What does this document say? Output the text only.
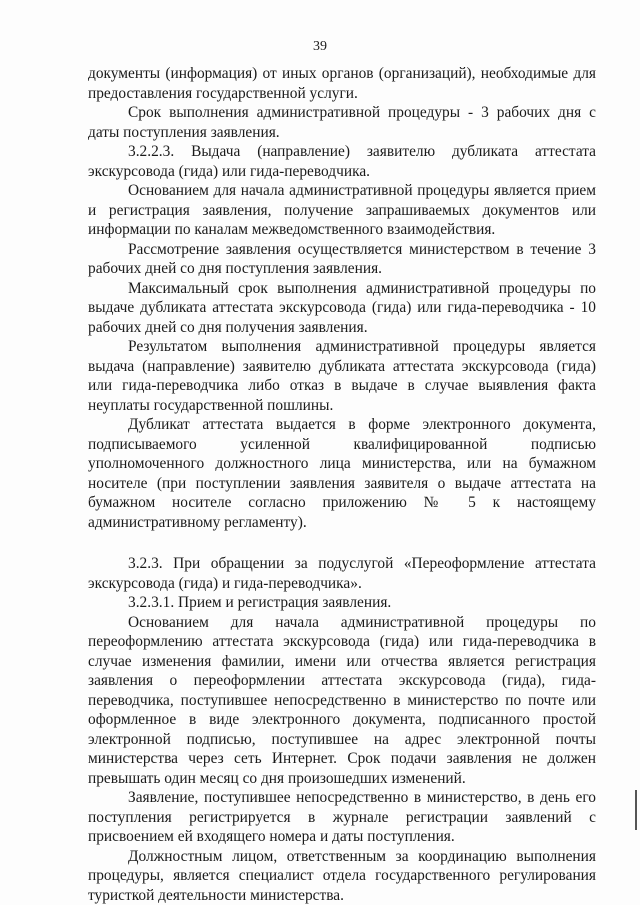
39

документы (информация) от иных органов (организаций), необходимые для предоставления государственной услуги.

Срок выполнения административной процедуры - 3 рабочих дня с даты поступления заявления.

3.2.2.3. Выдача (направление) заявителю дубликата аттестата экскурсовода (гида) или гида-переводчика.

Основанием для начала административной процедуры является прием и регистрация заявления, получение запрашиваемых документов или информации по каналам межведомственного взаимодействия.

Рассмотрение заявления осуществляется министерством в течение 3 рабочих дней со дня поступления заявления.

Максимальный срок выполнения административной процедуры по выдаче дубликата аттестата экскурсовода (гида) или гида-переводчика - 10 рабочих дней со дня получения заявления.

Результатом выполнения административной процедуры является выдача (направление) заявителю дубликата аттестата экскурсовода (гида) или гида-переводчика либо отказ в выдаче в случае выявления факта неуплаты государственной пошлины.

Дубликат аттестата выдается в форме электронного документа, подписываемого усиленной квалифицированной подписью уполномоченного должностного лица министерства, или на бумажном носителе (при поступлении заявления заявителя о выдаче аттестата на бумажном носителе согласно приложению № 5 к настоящему административному регламенту).

3.2.3. При обращении за подуслугой «Переоформление аттестата экскурсовода (гида) и гида-переводчика».

3.2.3.1. Прием и регистрация заявления.

Основанием для начала административной процедуры по переоформлению аттестата экскурсовода (гида) или гида-переводчика в случае изменения фамилии, имени или отчества является регистрация заявления о переоформлении аттестата экскурсовода (гида), гида-переводчика, поступившее непосредственно в министерство по почте или оформленное в виде электронного документа, подписанного простой электронной подписью, поступившее на адрес электронной почты министерства через сеть Интернет. Срок подачи заявления не должен превышать один месяц со дня произошедших изменений.

Заявление, поступившее непосредственно в министерство, в день его поступления регистрируется в журнале регистрации заявлений с присвоением ей входящего номера и даты поступления.

Должностным лицом, ответственным за координацию выполнения процедуры, является специалист отдела государственного регулирования туристкой деятельности министерства.
